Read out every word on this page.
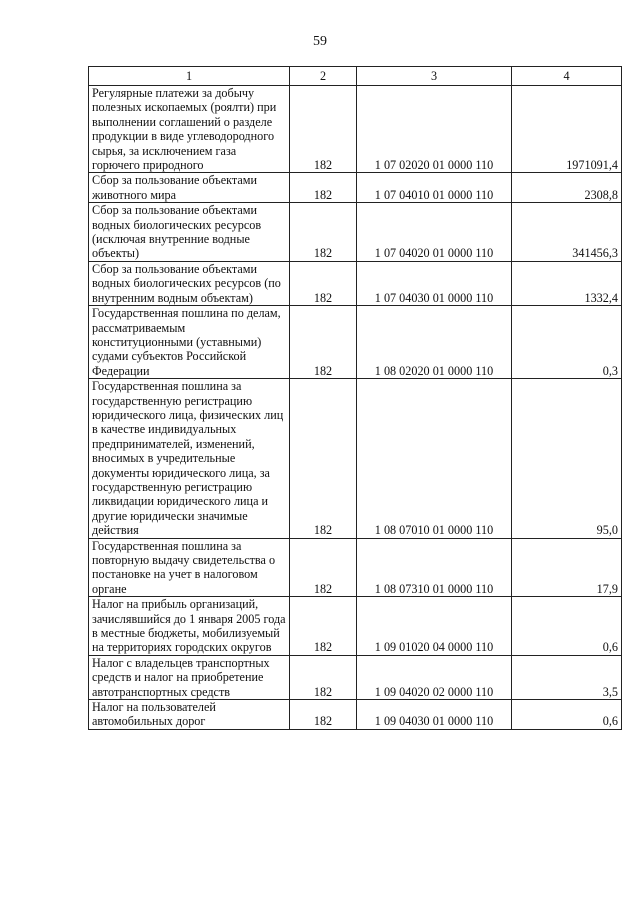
59
1	2	3	4
Регулярные платежи за добычу полезных ископаемых (роялти) при выполнении соглашений о разделе продукции в виде углеводородного сырья, за исключением газа горючего природного	182	1 07 02020 01 0000 110	1971091,4
Сбор за пользование объектами животного мира	182	1 07 04010 01 0000 110	2308,8
Сбор за пользование объектами водных биологических ресурсов (исключая внутренние водные объекты)	182	1 07 04020 01 0000 110	341456,3
Сбор за пользование объектами водных биологических ресурсов (по внутренним водным объектам)	182	1 07 04030 01 0000 110	1332,4
Государственная пошлина по делам, рассматриваемым конституционными (уставными) судами субъектов Российской Федерации	182	1 08 02020 01 0000 110	0,3
Государственная пошлина за государственную регистрацию юридического лица, физических лиц в качестве индивидуальных предпринимателей, изменений, вносимых в учредительные документы юридического лица, за государственную регистрацию ликвидации юридического лица и другие юридически значимые действия	182	1 08 07010 01 0000 110	95,0
Государственная пошлина за повторную выдачу свидетельства о постановке на учет в налоговом органе	182	1 08 07310 01 0000 110	17,9
Налог на прибыль организаций, зачислявшийся до 1 января 2005 года в местные бюджеты, мобилизуемый на территориях городских округов	182	1 09 01020 04 0000 110	0,6
Налог с владельцев транспортных средств и налог на приобретение автотранспортных средств	182	1 09 04020 02 0000 110	3,5
Налог на пользователей автомобильных дорог	182	1 09 04030 01 0000 110	0,6
